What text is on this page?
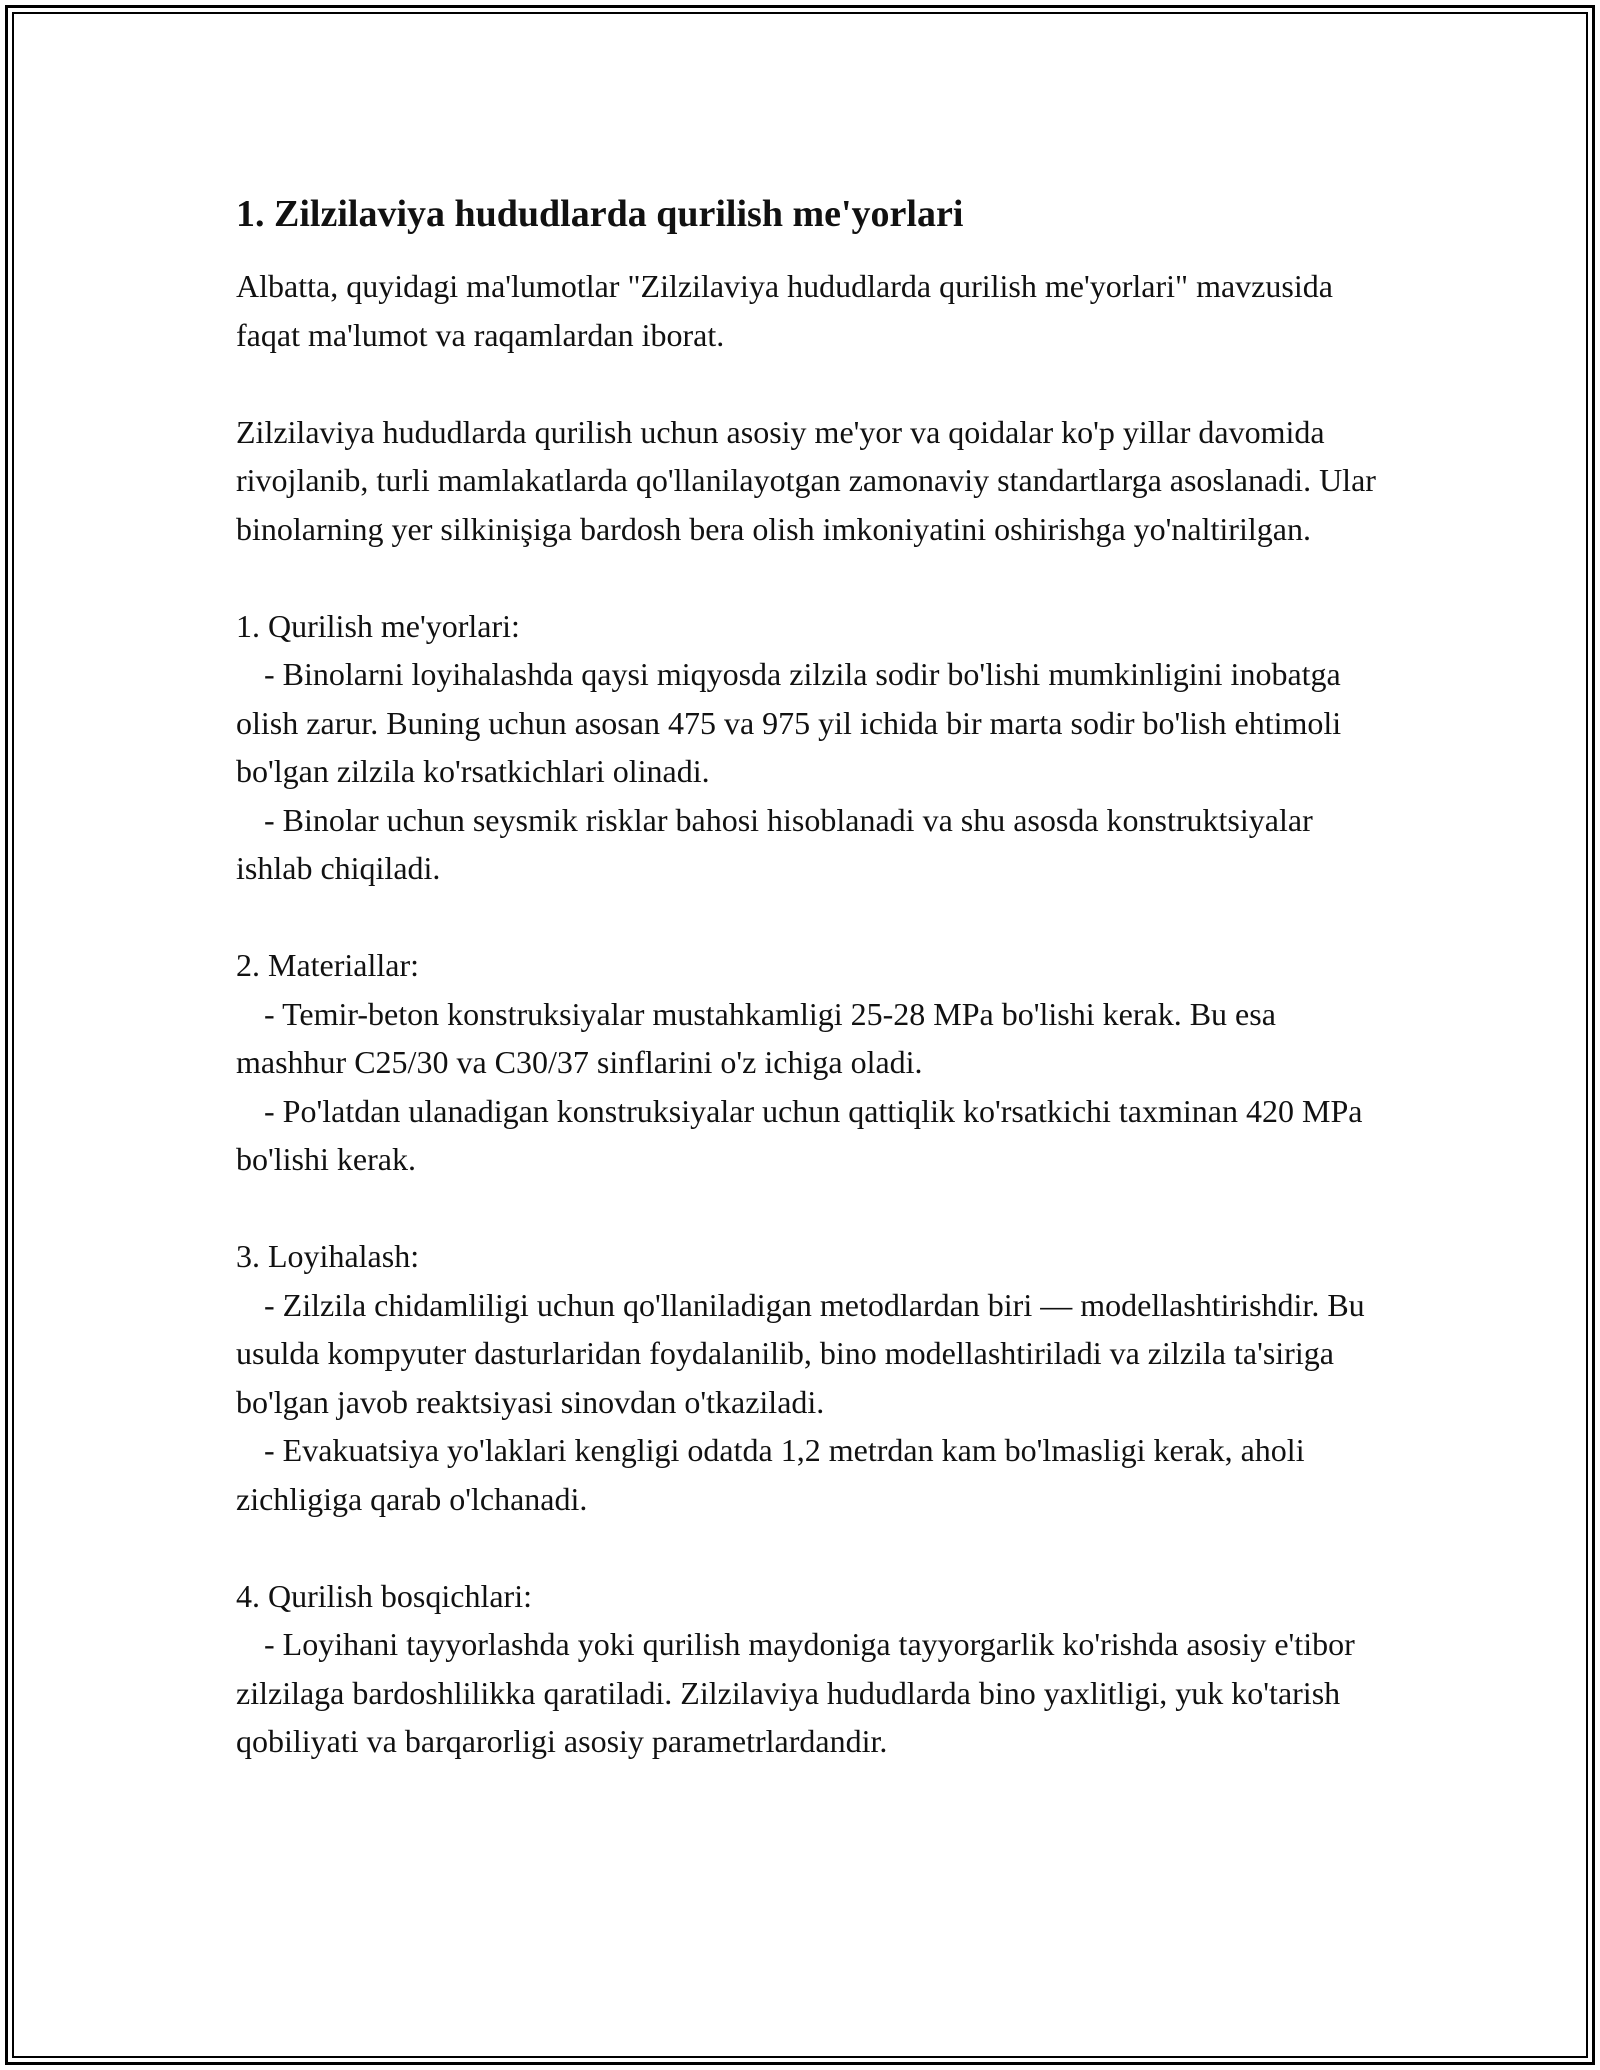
1. Zilzilaviya hududlarda qurilish me'yorlari

Albatta, quyidagi ma'lumotlar "Zilzilaviya hududlarda qurilish me'yorlari" mavzusida faqat ma'lumot va raqamlardan iborat.

Zilzilaviya hududlarda qurilish uchun asosiy me'yor va qoidalar ko'p yillar davomida rivojlanib, turli mamlakatlarda qo'llanilayotgan zamonaviy standartlarga asoslanadi. Ular binolarning yer silkinişiga bardosh bera olish imkoniyatini oshirishga yo'naltirilgan.

1. Qurilish me'yorlari:
- Binolarni loyihalashda qaysi miqyosda zilzila sodir bo'lishi mumkinligini inobatga olish zarur. Buning uchun asosan 475 va 975 yil ichida bir marta sodir bo'lish ehtimoli bo'lgan zilzila ko'rsatkichlari olinadi.
- Binolar uchun seysmik risklar bahosi hisoblanadi va shu asosda konstruktsiyalar ishlab chiqiladi.
2. Materiallar:
- Temir-beton konstruksiyalar mustahkamligi 25-28 MPa bo'lishi kerak. Bu esa mashhur C25/30 va C30/37 sinflarini o'z ichiga oladi.
- Po'latdan ulanadigan konstruksiyalar uchun qattiqlik ko'rsatkichi taxminan 420 MPa bo'lishi kerak.
3. Loyihalash:
- Zilzila chidamliligi uchun qo'llaniladigan metodlardan biri — modellashtirishdir. Bu usulda kompyuter dasturlaridan foydalanilib, bino modellashtiriladi va zilzila ta'siriga bo'lgan javob reaktsiyasi sinovdan o'tkaziladi.
- Evakuatsiya yo'laklari kengligi odatda 1,2 metrdan kam bo'lmasligi kerak, aholi zichligiga qarab o'lchanadi.
4. Qurilish bosqichlari:
- Loyihani tayyorlashda yoki qurilish maydoniga tayyorgarlik ko'rishda asosiy e'tibor zilzilaga bardoshlilikka qaratiladi. Zilzilaviya hududlarda bino yaxlitligi, yuk ko'tarish qobiliyati va barqarorligi asosiy parametrlardandir.
